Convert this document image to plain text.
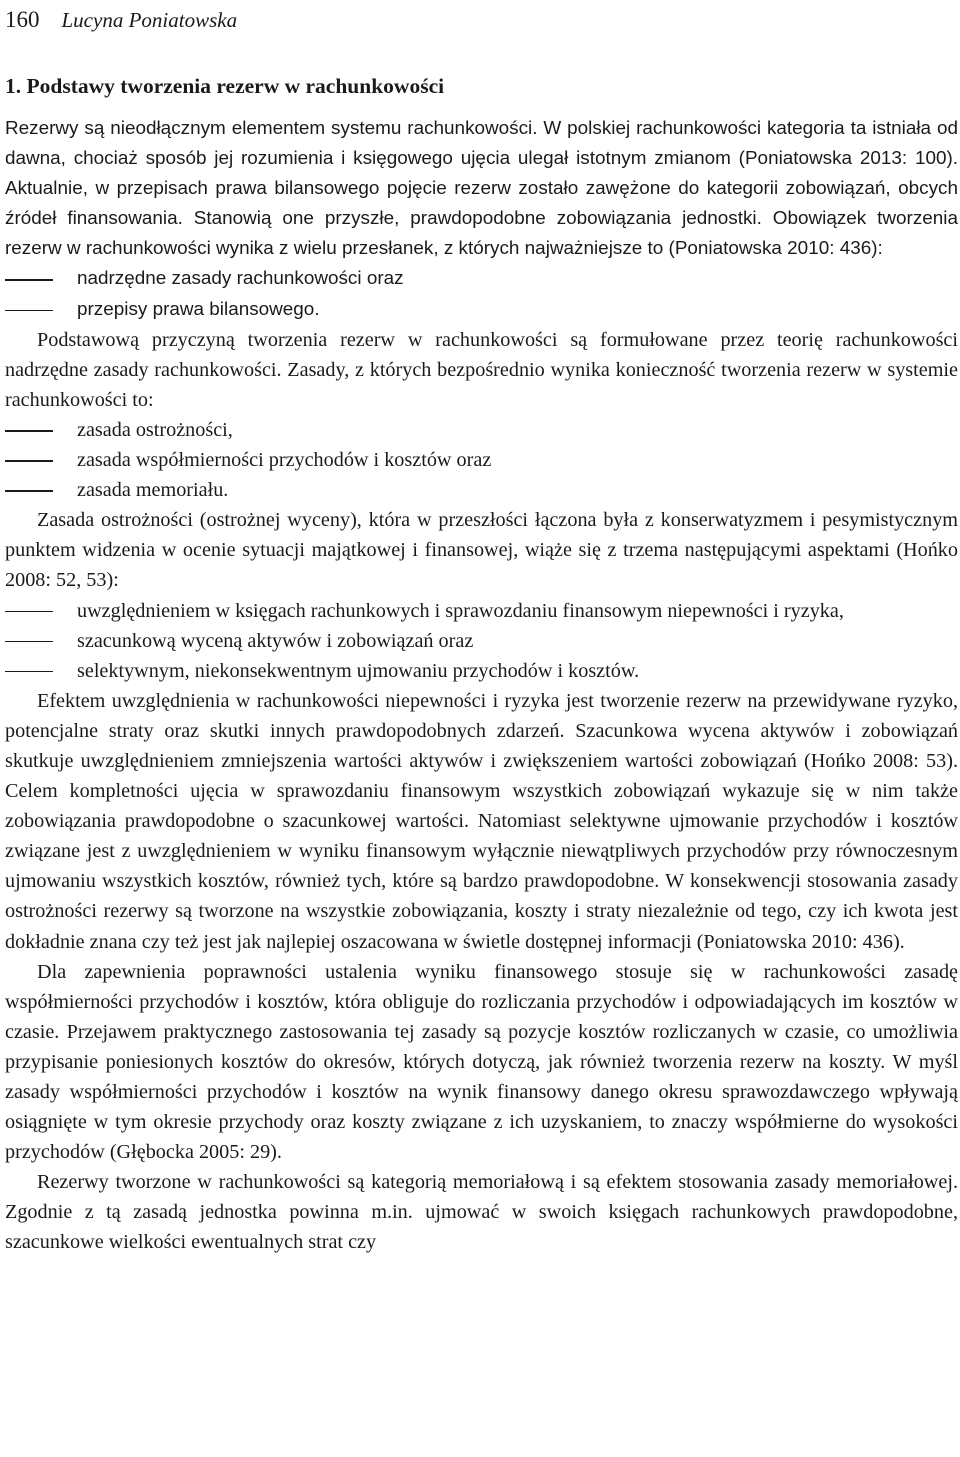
160 Lucyna Poniatowska
1. Podstawy tworzenia rezerw w rachunkowości

Rezerwy są nieodłącznym elementem systemu rachunkowości. W polskiej rachunkowości kategoria ta istniała od dawna, chociaż sposób jej rozumienia i księgowego ujęcia ulegał istotnym zmianom (Poniatowska 2013: 100). Aktualnie, w przepisach prawa bilansowego pojęcie rezerw zostało zawężone do kategorii zobowiązań, obcych źródeł finansowania. Stanowią one przyszłe, prawdopodobne zobowiązania jednostki. Obowiązek tworzenia rezerw w rachunkowości wynika z wielu przesłanek, z których najważniejsze to (Poniatowska 2010: 436):

nadrzędne zasady rachunkowości oraz
przepisy prawa bilansowego.

Podstawową przyczyną tworzenia rezerw w rachunkowości są formułowane przez teorię rachunkowości nadrzędne zasady rachunkowości. Zasady, z których bezpośrednio wynika konieczność tworzenia rezerw w systemie rachunkowości to:

zasada ostrożności,
zasada współmierności przychodów i kosztów oraz
zasada memoriału.

Zasada ostrożności (ostrożnej wyceny), która w przeszłości łączona była z konserwatyzmem i pesymistycznym punktem widzenia w ocenie sytuacji majątkowej i finansowej, wiąże się z trzema następującymi aspektami (Hońko 2008: 52, 53):

uwzględnieniem w księgach rachunkowych i sprawozdaniu finansowym niepewności i ryzyka,
szacunkową wyceną aktywów i zobowiązań oraz
selektywnym, niekonsekwentnym ujmowaniu przychodów i kosztów.

Efektem uwzględnienia w rachunkowości niepewności i ryzyka jest tworzenie rezerw na przewidywane ryzyko, potencjalne straty oraz skutki innych prawdopodobnych zdarzeń. Szacunkowa wycena aktywów i zobowiązań skutkuje uwzględnieniem zmniejszenia wartości aktywów i zwiększeniem wartości zobowiązań (Hońko 2008: 53). Celem kompletności ujęcia w sprawozdaniu finansowym wszystkich zobowiązań wykazuje się w nim także zobowiązania prawdopodobne o szacunkowej wartości. Natomiast selektywne ujmowanie przychodów i kosztów związane jest z uwzględnieniem w wyniku finansowym wyłącznie niewątpliwych przychodów przy równoczesnym ujmowaniu wszystkich kosztów, również tych, które są bardzo prawdopodobne. W konsekwencji stosowania zasady ostrożności rezerwy są tworzone na wszystkie zobowiązania, koszty i straty niezależnie od tego, czy ich kwota jest dokładnie znana czy też jest jak najlepiej oszacowana w świetle dostępnej informacji (Poniatowska 2010: 436).

Dla zapewnienia poprawności ustalenia wyniku finansowego stosuje się w rachunkowości zasadę współmierności przychodów i kosztów, która obliguje do rozliczania przychodów i odpowiadających im kosztów w czasie. Przejawem praktycznego zastosowania tej zasady są pozycje kosztów rozliczanych w czasie, co umożliwia przypisanie poniesionych kosztów do okresów, których dotyczą, jak również tworzenia rezerw na koszty. W myśl zasady współmierności przychodów i kosztów na wynik finansowy danego okresu sprawozdawczego wpływają osiągnięte w tym okresie przychody oraz koszty związane z ich uzyskaniem, to znaczy współmierne do wysokości przychodów (Głębocka 2005: 29).

Rezerwy tworzone w rachunkowości są kategorią memoriałową i są efektem stosowania zasady memoriałowej. Zgodnie z tą zasadą jednostka powinna m.in. ujmować w swoich księgach rachunkowych prawdopodobne, szacunkowe wielkości ewentualnych strat czy
